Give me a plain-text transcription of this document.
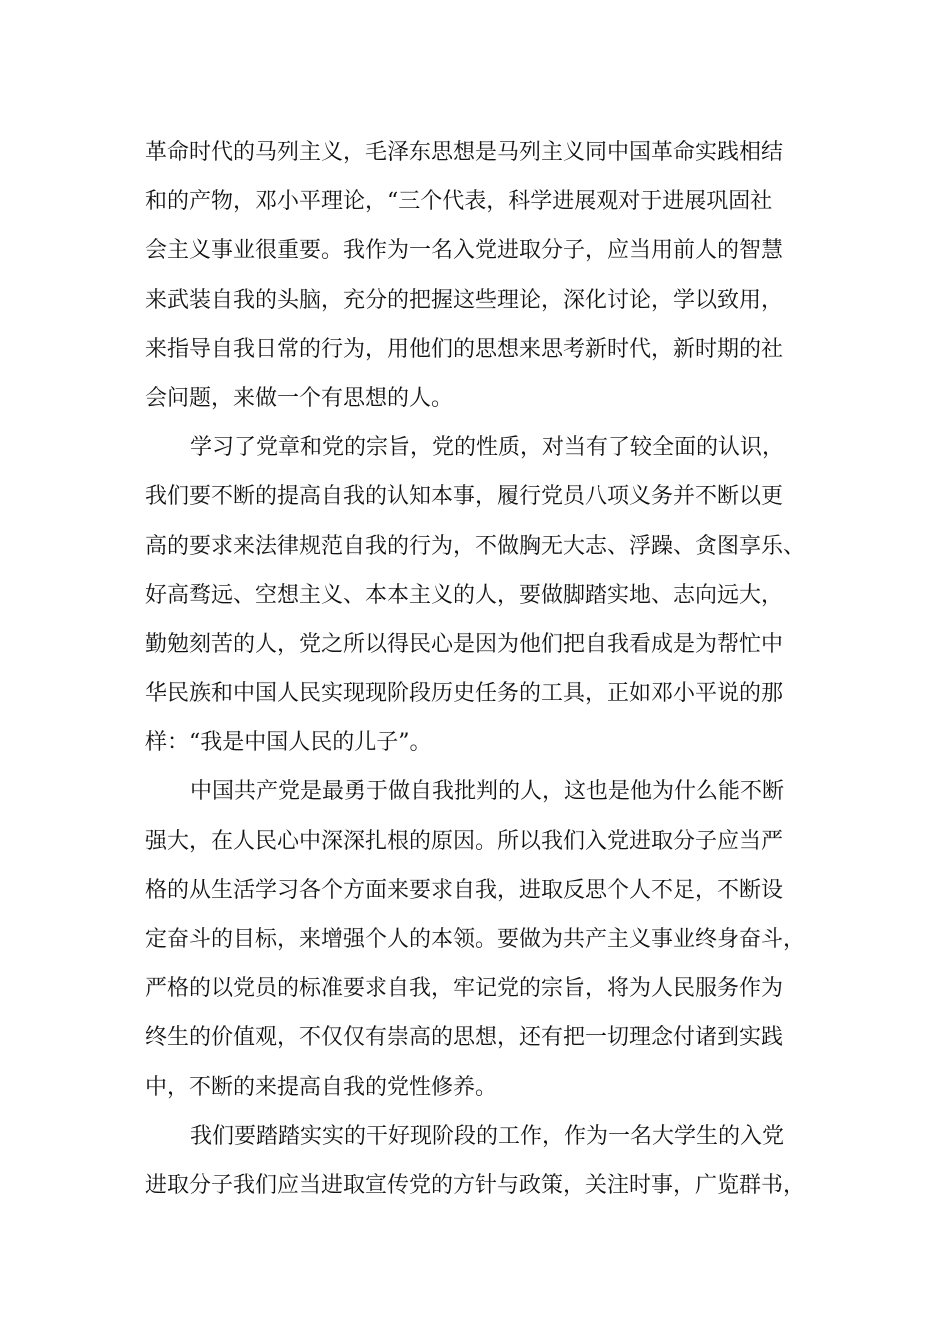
革命时代的马列主义，毛泽东思想是马列主义同中国革命实践相结
和的产物，邓小平理论，“三个代表，科学进展观对于进展巩固社
会主义事业很重要。我作为一名入党进取分子，应当用前人的智慧
来武装自我的头脑，充分的把握这些理论，深化讨论，学以致用，
来指导自我日常的行为，用他们的思想来思考新时代，新时期的社
会问题，来做一个有思想的人。
学习了党章和党的宗旨，党的性质，对当有了较全面的认识，
我们要不断的提高自我的认知本事，履行党员八项义务并不断以更
高的要求来法律规范自我的行为，不做胸无大志、浮躁、贪图享乐、
好高骛远、空想主义、本本主义的人，要做脚踏实地、志向远大，
勤勉刻苦的人，党之所以得民心是因为他们把自我看成是为帮忙中
华民族和中国人民实现现阶段历史任务的工具，正如邓小平说的那
样：“我是中国人民的儿子”。
中国共产党是最勇于做自我批判的人，这也是他为什么能不断
强大，在人民心中深深扎根的原因。所以我们入党进取分子应当严
格的从生活学习各个方面来要求自我，进取反思个人不足，不断设
定奋斗的目标，来增强个人的本领。要做为共产主义事业终身奋斗，
严格的以党员的标准要求自我，牢记党的宗旨，将为人民服务作为
终生的价值观，不仅仅有崇高的思想，还有把一切理念付诸到实践
中，不断的来提高自我的党性修养。
我们要踏踏实实的干好现阶段的工作，作为一名大学生的入党
进取分子我们应当进取宣传党的方针与政策，关注时事，广览群书，
